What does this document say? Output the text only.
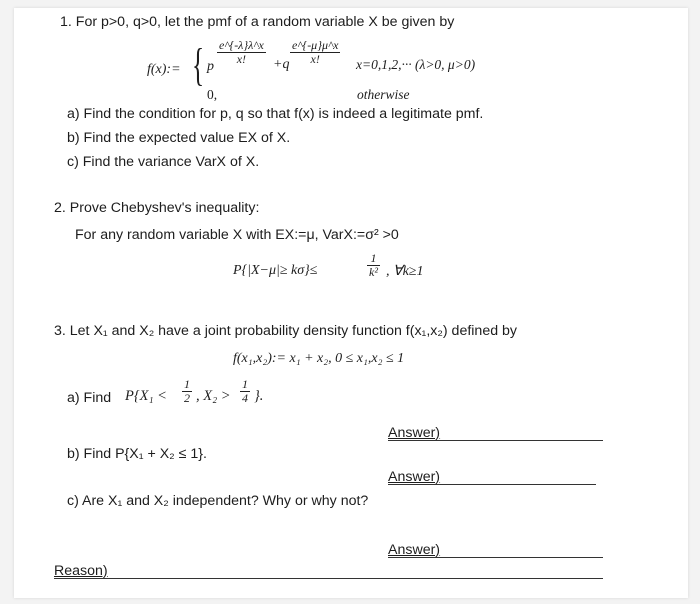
1. For p>0, q>0, let the pmf of a random variable X be given by
f(x):= { p
$\frac{e\^{}\{-\lambda\}\lambda\^{}x}{x!} +q \frac{e\^{}\{-\mu\}\mu\^{}x}{x!} x=0,1,2,\cdot\cdot\cdot (\lambda>0$, μ>0)
0,	otherwise
a) Find the condition for p, q so that f(x) is indeed a legitimate pmf.
b) Find the expected value EX of X.
c) Find the variance VarX of X.
2. Prove Chebyshev's inequality:
For any random variable X with EX:=μ, VarX:=σ² >0
P{|X−μ|≥ kσ}≤	$\frac{1}{\text{k²}}$ , ∀k≥1
3. Let X₁ and X₂ have a joint probability density function f(x₁,x₂) defined by
f(x₁,x₂):= x₁ + x₂, 0 ≤ x₁,x₂ ≤ 1
a) Find $P\{X_1 < \frac{1}{2}$ , $X_2 > \frac{1}{4}$ }.
Answer)
b) Find P{X₁ + X₂ ≤ 1}.
Answer)
c) Are X₁ and X₂ independent? Why or why not?
Answer)
Reason)
